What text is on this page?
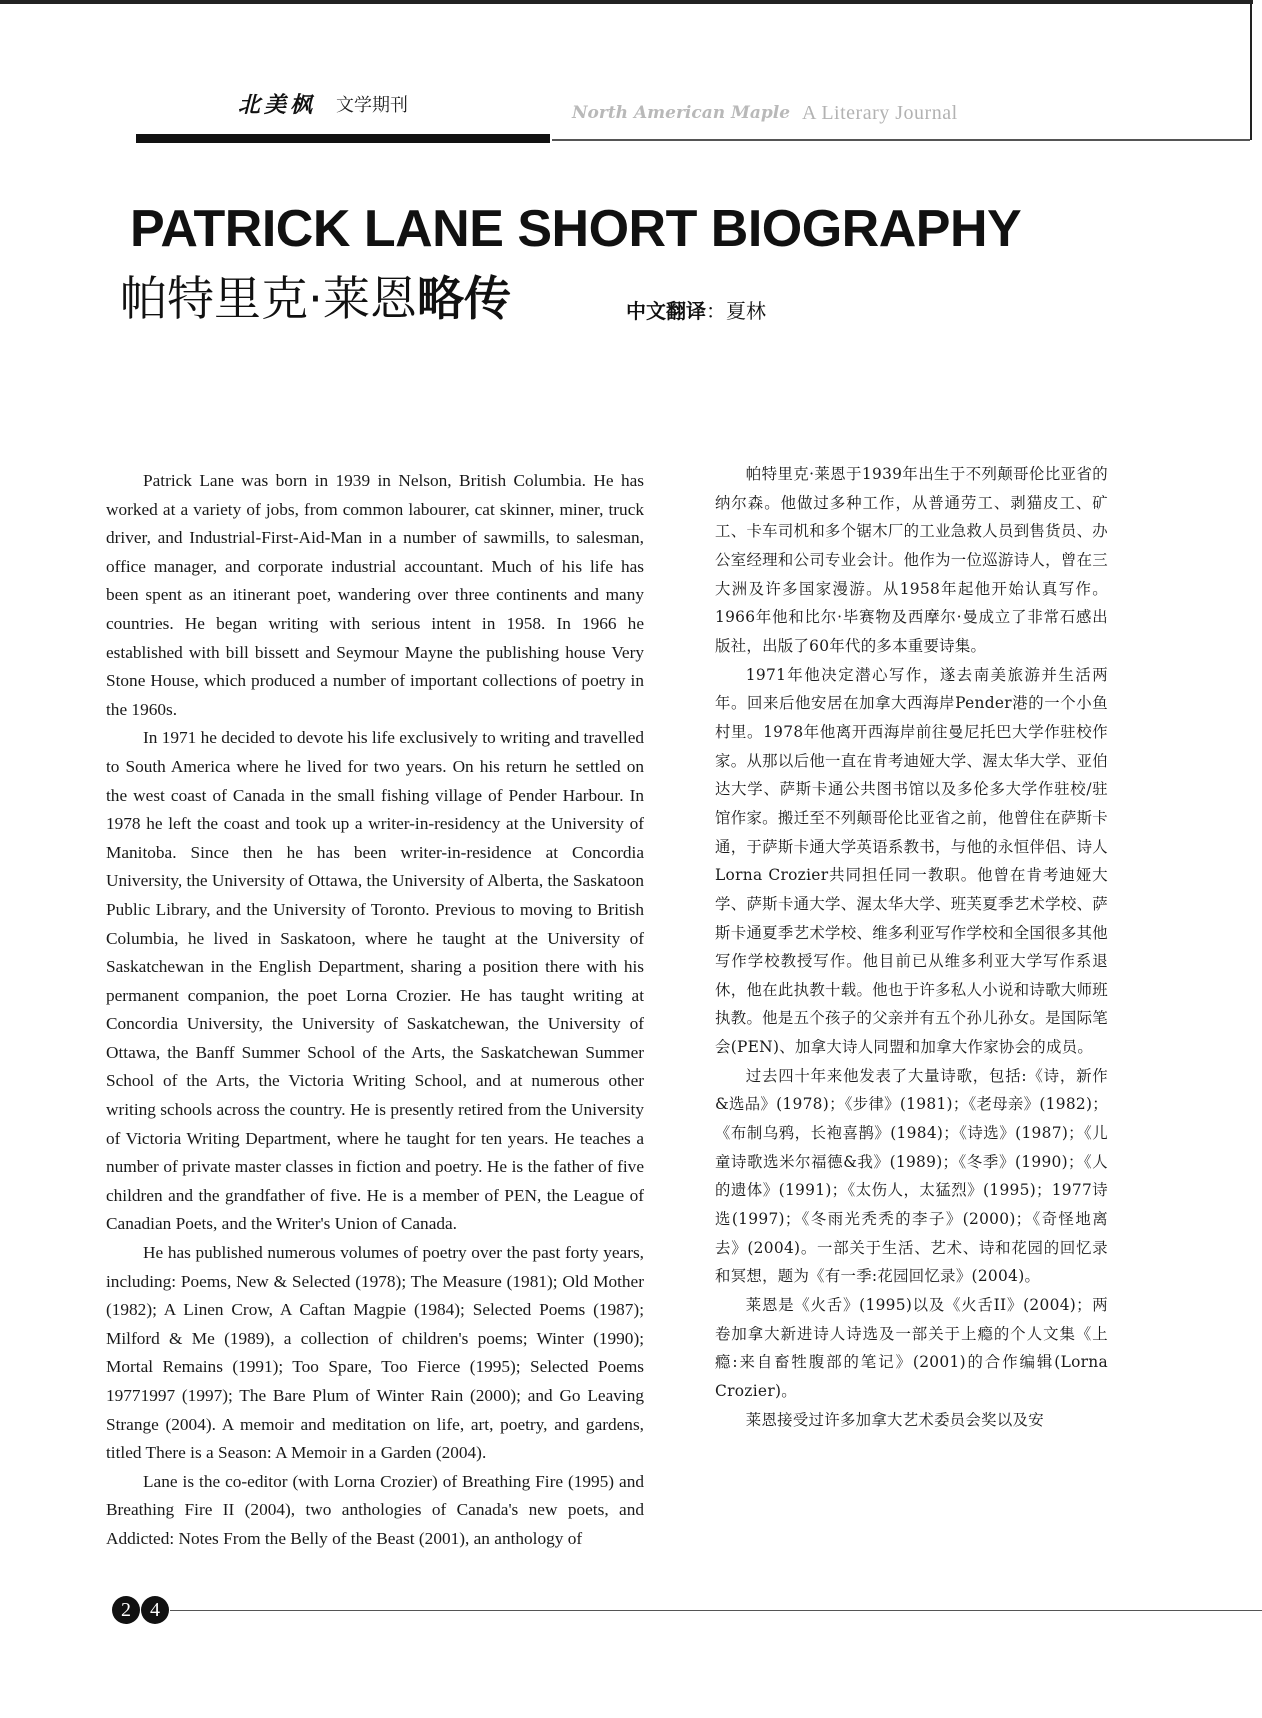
北美枫 文学期刊	North American Maple A Literary Journal
PATRICK LANE SHORT BIOGRAPHY
帕特里克·莱恩略传	中文翻译：夏林

Patrick Lane was born in 1939 in Nelson, British Columbia. He has worked at a variety of jobs, from common labourer, cat skinner, miner, truck driver, and Industrial-First-Aid-Man in a number of sawmills, to salesman, office manager, and corporate industrial accountant. Much of his life has been spent as an itinerant poet, wandering over three continents and many countries. He began writing with serious intent in 1958. In 1966 he established with bill bissett and Seymour Mayne the publishing house Very Stone House, which produced a number of important collections of poetry in the 1960s.

In 1971 he decided to devote his life exclusively to writing and travelled to South America where he lived for two years. On his return he settled on the west coast of Canada in the small fishing village of Pender Harbour. In 1978 he left the coast and took up a writer-in-residency at the University of Manitoba. Since then he has been writer-in-residence at Concordia University, the University of Ottawa, the University of Alberta, the Saskatoon Public Library, and the University of Toronto. Previous to moving to British Columbia, he lived in Saskatoon, where he taught at the University of Saskatchewan in the English Department, sharing a position there with his permanent companion, the poet Lorna Crozier. He has taught writing at Concordia University, the University of Saskatchewan, the University of Ottawa, the Banff Summer School of the Arts, the Saskatchewan Summer School of the Arts, the Victoria Writing School, and at numerous other writing schools across the country. He is presently retired from the University of Victoria Writing Department, where he taught for ten years. He teaches a number of private master classes in fiction and poetry. He is the father of five children and the grandfather of five. He is a member of PEN, the League of Canadian Poets, and the Writer's Union of Canada.

He has published numerous volumes of poetry over the past forty years, including: Poems, New & Selected (1978); The Measure (1981); Old Mother (1982); A Linen Crow, A Caftan Magpie (1984); Selected Poems (1987); Milford & Me (1989), a collection of children's poems; Winter (1990); Mortal Remains (1991); Too Spare, Too Fierce (1995); Selected Poems 19771997 (1997); The Bare Plum of Winter Rain (2000); and Go Leaving Strange (2004). A memoir and meditation on life, art, poetry, and gardens, titled There is a Season: A Memoir in a Garden (2004).

Lane is the co-editor (with Lorna Crozier) of Breathing Fire (1995) and Breathing Fire II (2004), two anthologies of Canada's new poets, and Addicted: Notes From the Belly of the Beast (2001), an anthology of

帕特里克·莱恩于1939年出生于不列颠哥伦比亚省的纳尔森。他做过多种工作，从普通劳工、剥猫皮工、矿工、卡车司机和多个锯木厂的工业急救人员到售货员、办公室经理和公司专业会计。他作为一位巡游诗人，曾在三大洲及许多国家漫游。从1958年起他开始认真写作。1966年他和比尔·毕赛物及西摩尔·曼成立了非常石感出版社，出版了60年代的多本重要诗集。

1971年他决定潜心写作，遂去南美旅游并生活两年。回来后他安居在加拿大西海岸Pender港的一个小鱼村里。1978年他离开西海岸前往曼尼托巴大学作驻校作家。从那以后他一直在肯考迪娅大学、渥太华大学、亚伯达大学、萨斯卡通公共图书馆以及多伦多大学作驻校/驻馆作家。搬迁至不列颠哥伦比亚省之前，他曾住在萨斯卡通，于萨斯卡通大学英语系教书，与他的永恒伴侣、诗人Lorna Crozier共同担任同一教职。他曾在肯考迪娅大学、萨斯卡通大学、渥太华大学、班芙夏季艺术学校、萨斯卡通夏季艺术学校、维多利亚写作学校和全国很多其他写作学校教授写作。他目前已从维多利亚大学写作系退休，他在此执教十载。他也于许多私人小说和诗歌大师班执教。他是五个孩子的父亲并有五个孙儿孙女。是国际笔会(PEN)、加拿大诗人同盟和加拿大作家协会的成员。

过去四十年来他发表了大量诗歌，包括:《诗，新作&选品》(1978)；《步律》(1981)；《老母亲》(1982)；《布制乌鸦，长袍喜鹊》(1984)；《诗选》(1987)；《儿童诗歌选米尔福德&我》(1989)；《冬季》(1990)；《人的遗体》(1991)；《太伤人，太猛烈》(1995)；1977诗选(1997)；《冬雨光秃秃的李子》(2000)；《奇怪地离去》(2004)。一部关于生活、艺术、诗和花园的回忆录和冥想，题为《有一季:花园回忆录》(2004)。

莱恩是《火舌》(1995)以及《火舌II》(2004)；两卷加拿大新进诗人诗选及一部关于上瘾的个人文集《上瘾:来自畜牲腹部的笔记》(2001)的合作编辑(Lorna Crozier)。

莱恩接受过许多加拿大艺术委员会奖以及安

2 4
